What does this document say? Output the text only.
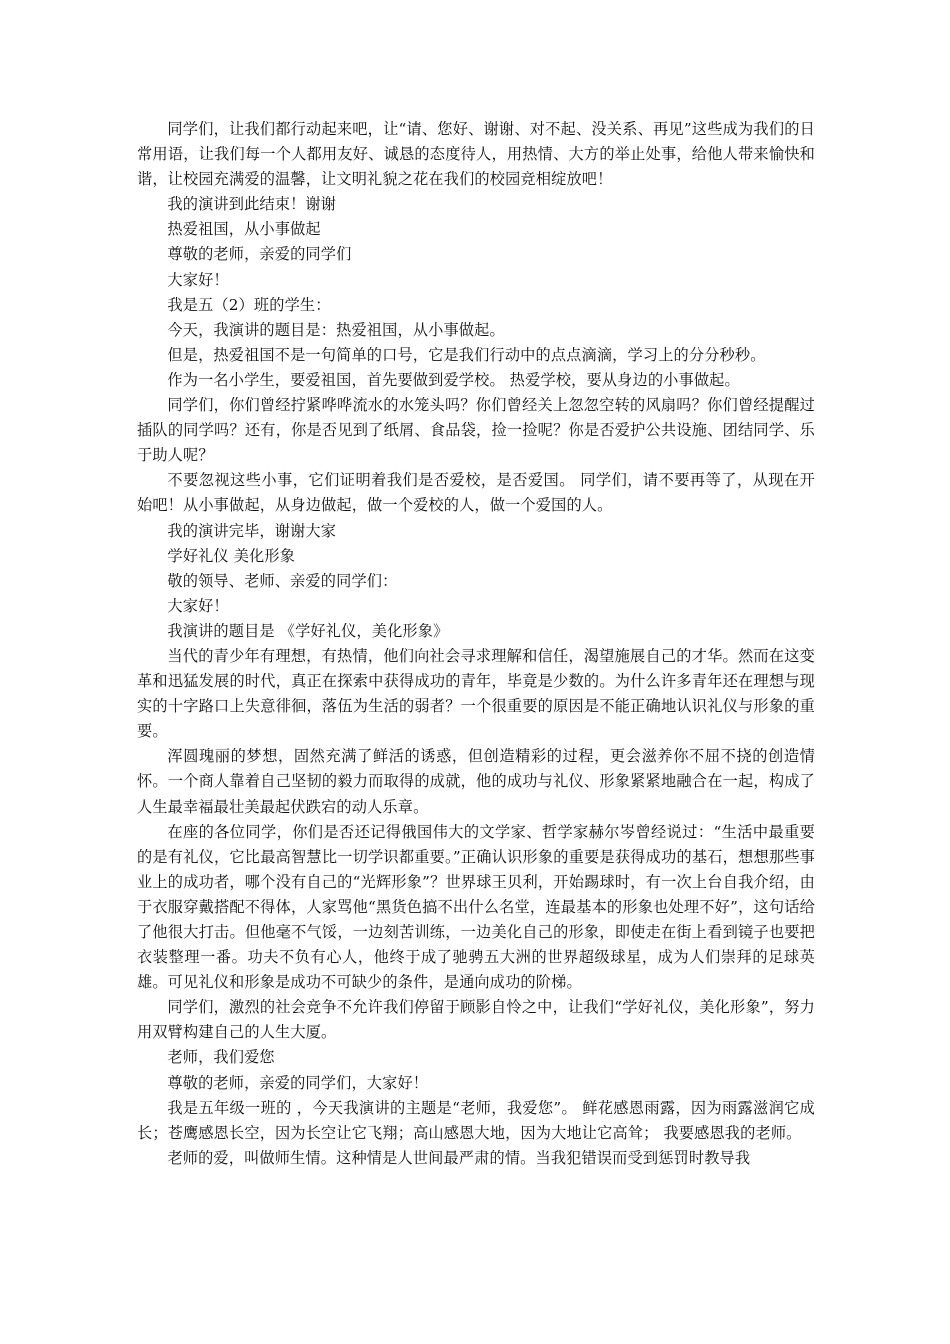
同学们，让我们都行动起来吧，让“请、您好、谢谢、对不起、没关系、再见”这些成为我们的日常用语，让我们每一个人都用友好、诚恳的态度待人，用热情、大方的举止处事，给他人带来愉快和谐，让校园充满爱的温馨，让文明礼貌之花在我们的校园竞相绽放吧！

我的演讲到此结束！谢谢

热爱祖国，从小事做起

尊敬的老师，亲爱的同学们

大家好！

我是五（2）班的学生：

今天，我演讲的题目是：热爱祖国，从小事做起。

但是，热爱祖国不是一句简单的口号，它是我们行动中的点点滴滴，学习上的分分秒秒。

作为一名小学生，要爱祖国，首先要做到爱学校。 热爱学校，要从身边的小事做起。

同学们，你们曾经拧紧哗哗流水的水笼头吗？你们曾经关上忽忽空转的风扇吗？你们曾经提醒过插队的同学吗？还有，你是否见到了纸屑、食品袋，捡一捡呢？你是否爱护公共设施、团结同学、乐于助人呢？

不要忽视这些小事，它们证明着我们是否爱校，是否爱国。 同学们，请不要再等了，从现在开始吧！从小事做起，从身边做起，做一个爱校的人，做一个爱国的人。

我的演讲完毕，谢谢大家

学好礼仪 美化形象

敬的领导、老师、亲爱的同学们：

大家好！

我演讲的题目是 《学好礼仪，美化形象》

当代的青少年有理想，有热情，他们向社会寻求理解和信任，渴望施展自己的才华。然而在这变革和迅猛发展的时代，真正在探索中获得成功的青年，毕竟是少数的。为什么许多青年还在理想与现实的十字路口上失意徘徊，落伍为生活的弱者？一个很重要的原因是不能正确地认识礼仪与形象的重要。

浑圆瑰丽的梦想，固然充满了鲜活的诱惑，但创造精彩的过程，更会滋养你不屈不挠的创造情怀。一个商人靠着自己坚韧的毅力而取得的成就，他的成功与礼仪、形象紧紧地融合在一起，构成了人生最幸福最壮美最起伏跌宕的动人乐章。

在座的各位同学，你们是否还记得俄国伟大的文学家、哲学家赫尔岑曾经说过：“生活中最重要的是有礼仪，它比最高智慧比一切学识都重要。”正确认识形象的重要是获得成功的基石，想想那些事业上的成功者，哪个没有自己的“光辉形象”？世界球王贝利，开始踢球时，有一次上台自我介绍，由于衣服穿戴搭配不得体，人家骂他“黑货色搞不出什么名堂，连最基本的形象也处理不好”，这句话给了他很大打击。但他毫不气馁，一边刻苦训练，一边美化自己的形象，即使走在街上看到镜子也要把衣装整理一番。功夫不负有心人，他终于成了驰骋五大洲的世界超级球星，成为人们崇拜的足球英雄。可见礼仪和形象是成功不可缺少的条件，是通向成功的阶梯。

同学们，激烈的社会竞争不允许我们停留于顾影自怜之中，让我们“学好礼仪，美化形象”，努力用双臂构建自己的人生大厦。

老师，我们爱您

尊敬的老师，亲爱的同学们，大家好！

我是五年级一班的 ，今天我演讲的主题是“老师，我爱您”。 鲜花感恩雨露，因为雨露滋润它成长；苍鹰感恩长空，因为长空让它飞翔；高山感恩大地，因为大地让它高耸； 我要感恩我的老师。

老师的爱，叫做师生情。这种情是人世间最严肃的情。当我犯错误而受到惩罚时教导我
